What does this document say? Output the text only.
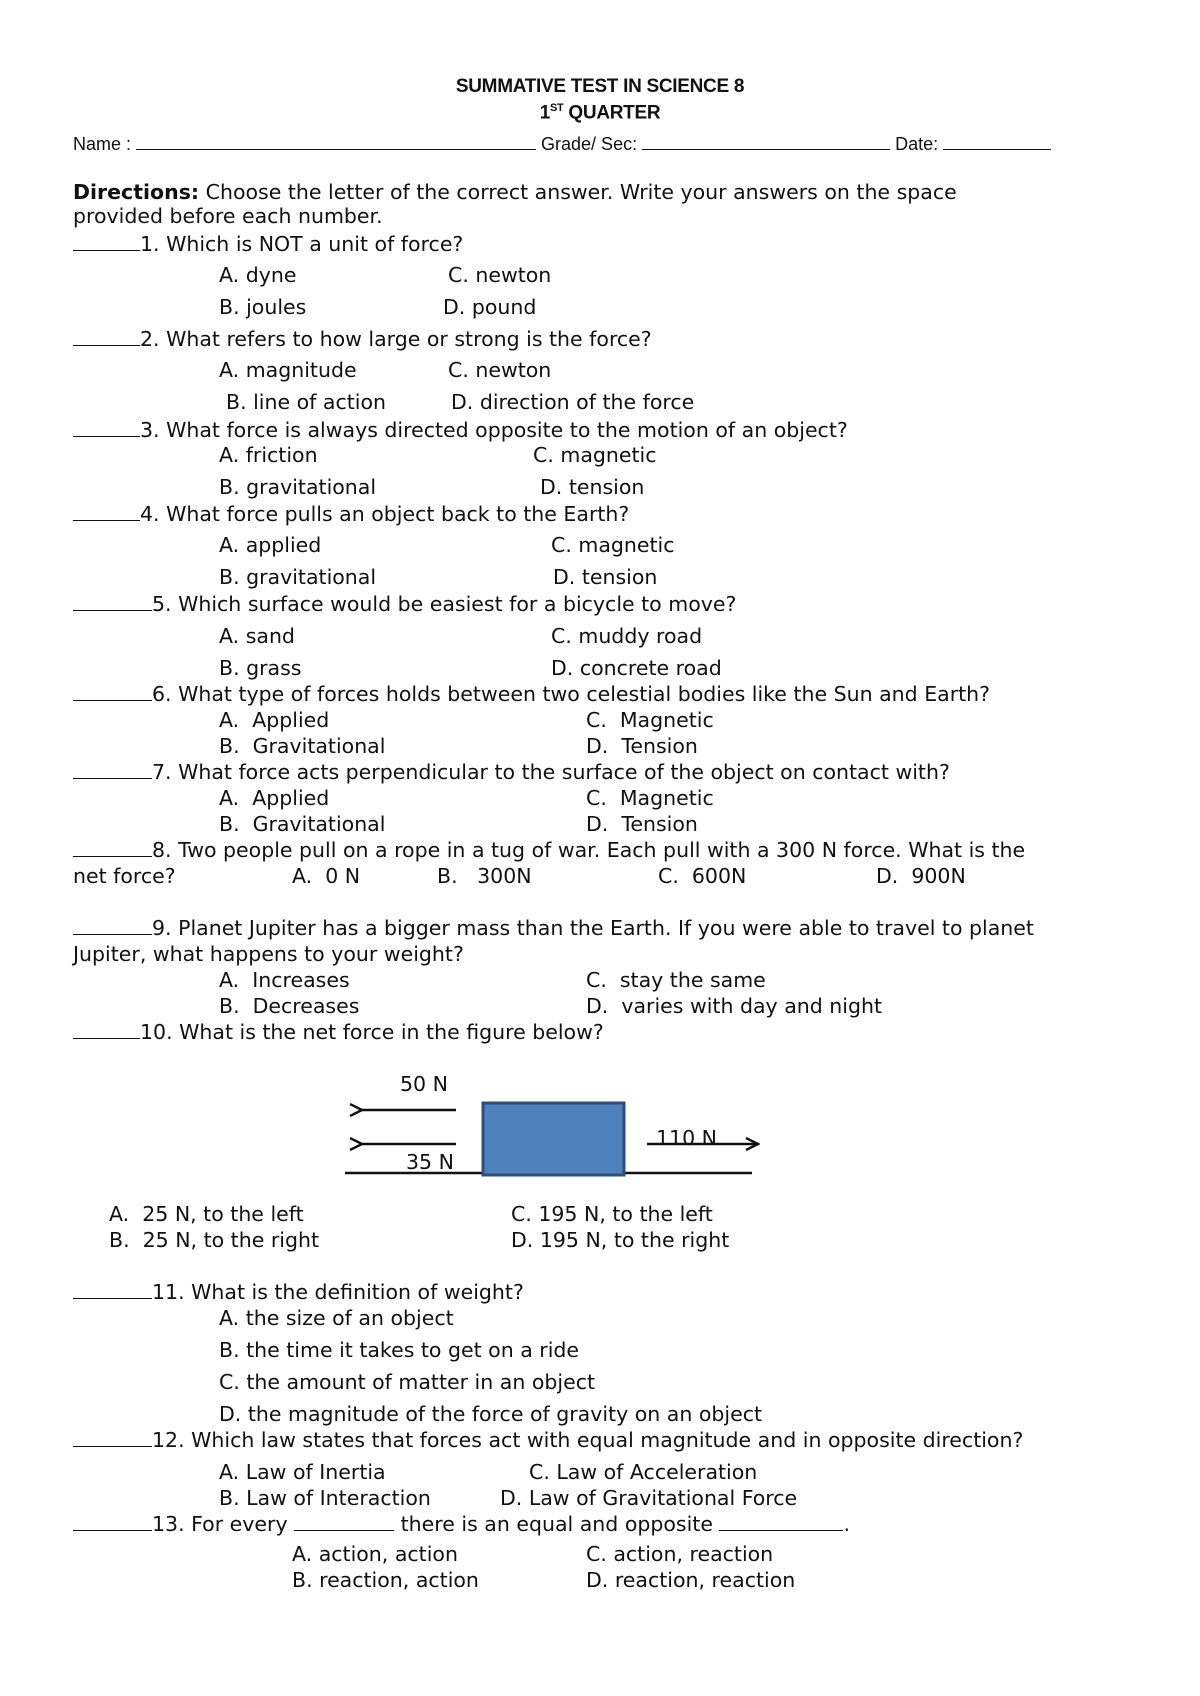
SUMMATIVE TEST IN SCIENCE 8
1ST QUARTER
Name :	Grade/ Sec:	Date:
Directions: Choose the letter of the correct answer. Write your answers on the space
provided before each number.
1. Which is NOT a unit of force?
A. dyne	C. newton
B. joules	D. pound
2. What refers to how large or strong is the force?
A. magnitude	C. newton
B. line of action	D. direction of the force
3. What force is always directed opposite to the motion of an object?
A. friction	C. magnetic
B. gravitational	D. tension
4. What force pulls an object back to the Earth?
A. applied	C. magnetic
B. gravitational	D. tension
5. Which surface would be easiest for a bicycle to move?
A. sand	C. muddy road
B. grass	D. concrete road
6. What type of forces holds between two celestial bodies like the Sun and Earth?
A.  Applied	C.  Magnetic
B.  Gravitational	D.  Tension
7. What force acts perpendicular to the surface of the object on contact with?
A.  Applied	C.  Magnetic
B.  Gravitational	D.  Tension
8. Two people pull on a rope in a tug of war. Each pull with a 300 N force. What is the
net force?	A.  0 N	B.   300N	C.  600N	D.  900N
9. Planet Jupiter has a bigger mass than the Earth. If you were able to travel to planet
Jupiter, what happens to your weight?
A.  Increases	C.  stay the same
B.  Decreases	D.  varies with day and night
10. What is the net force in the figure below?
50 N
35 N
110 N
A.  25 N, to the left	C. 195 N, to the left
B.  25 N, to the right	D. 195 N, to the right
11. What is the definition of weight?
A. the size of an object
B. the time it takes to get on a ride
C. the amount of matter in an object
D. the magnitude of the force of gravity on an object
12. Which law states that forces act with equal magnitude and in opposite direction?
A. Law of Inertia	C. Law of Acceleration
B. Law of Interaction	D. Law of Gravitational Force
13. For every	there is an equal and opposite	.
A. action, action	C. action, reaction
B. reaction, action	D. reaction, reaction
